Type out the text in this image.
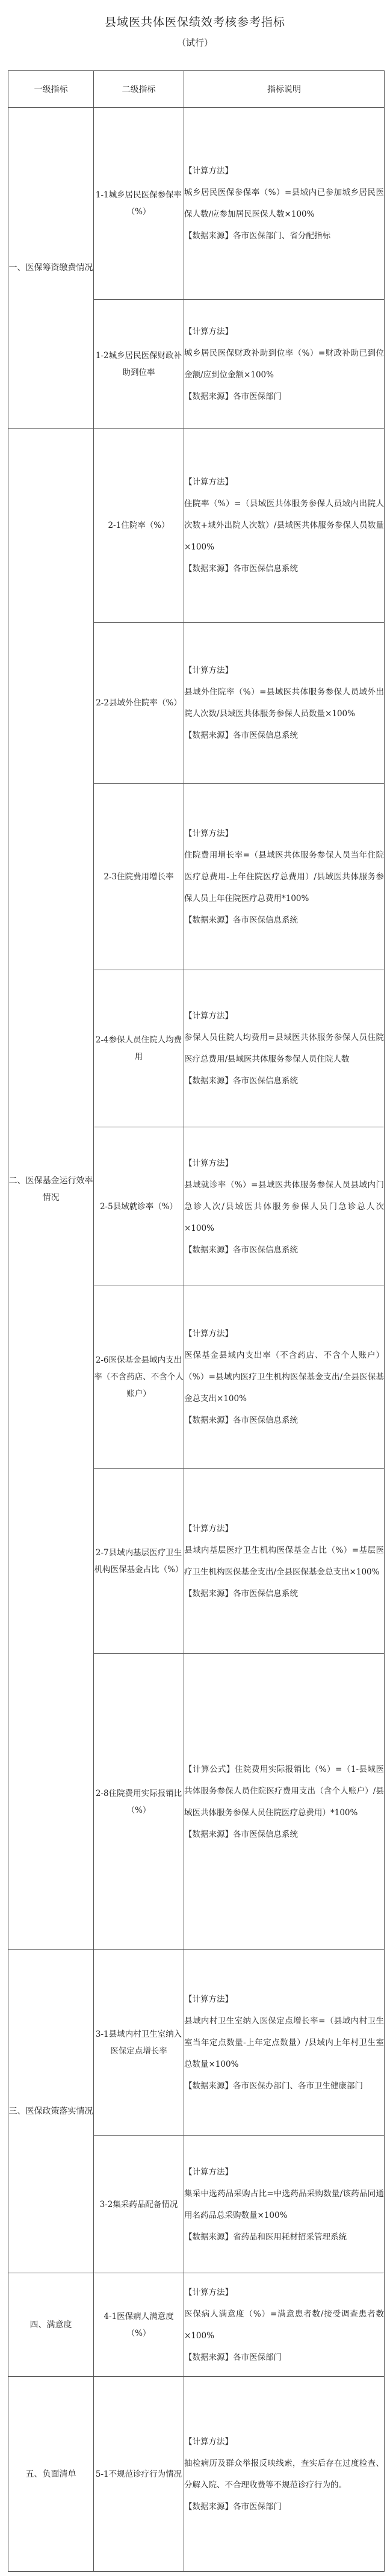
县域医共体医保绩效考核参考指标
（试行）
一级指标	二级指标	指标说明
一、医保筹资缴费情况	1-1城乡居民医保参保率（%）	【计算方法】

城乡居民医保参保率（%）=县域内已参加城乡居民医保人数/应参加居民医保人数×100%

【数据来源】各市医保部门、省分配指标

	1-2城乡居民医保财政补助到位率	【计算方法】

城乡居民医保财政补助到位率（%）=财政补助已到位金额/应到位金额×100%

【数据来源】各市医保部门

二、医保基金运行效率情况	2-1住院率（%）	【计算方法】

住院率（%）=（县域医共体服务参保人员域内出院人次数+域外出院人次数）/县域医共体服务参保人员数量×100%

【数据来源】各市医保信息系统

	2-2县域外住院率（%）	【计算方法】

县域外住院率（%）=县域医共体服务参保人员域外出院人次数/县域医共体服务参保人员数量×100%

【数据来源】各市医保信息系统

	2-3住院费用增长率	【计算方法】

住院费用增长率=（县域医共体服务参保人员当年住院医疗总费用-上年住院医疗总费用）/县域医共体服务参保人员上年住院医疗总费用*100%

【数据来源】各市医保信息系统

	2-4参保人员住院人均费用	【计算方法】

参保人员住院人均费用=县域医共体服务参保人员住院医疗总费用/县域医共体服务参保人员住院人数

【数据来源】各市医保信息系统

	2-5县域就诊率（%）	【计算方法】

县域就诊率（%）=县域医共体服务参保人员县域内门急诊人次/县域医共体服务参保人员门急诊总人次×100%

【数据来源】各市医保信息系统

	2-6医保基金县域内支出率（不含药店、不含个人账户）	【计算方法】

医保基金县域内支出率（不含药店、不含个人账户）（%）=县域内医疗卫生机构医保基金支出/全县医保基金总支出×100%

【数据来源】各市医保信息系统

	2-7县域内基层医疗卫生机构医保基金占比（%）	【计算方法】

县域内基层医疗卫生机构医保基金占比（%）=基层医疗卫生机构医保基金支出/全县医保基金总支出×100%

【数据来源】各市医保信息系统

	2-8住院费用实际报销比（%）	【计算公式】住院费用实际报销比（%）=（1-县域医共体服务参保人员住院医疗费用支出（含个人账户）/县域医共体服务参保人员住院医疗总费用）*100%

【数据来源】各市医保信息系统

三、医保政策落实情况	3-1县域内村卫生室纳入医保定点增长率	【计算方法】

县域内村卫生室纳入医保定点增长率=（县域内村卫生室当年定点数量-上年定点数量）/县域内上年村卫生室总数量×100%

【数据来源】各市医保办部门、各市卫生健康部门

	3-2集采药品配备情况	【计算方法】

集采中选药品采购占比=中选药品采购数量/该药品同通用名药品总采购数量×100%

【数据来源】省药品和医用耗材招采管理系统

四、满意度	4-1医保病人满意度（%）	【计算方法】

医保病人满意度（%）=满意患者数/接受调查患者数×100%

【数据来源】各市医保部门

五、负面清单	5-1不规范诊疗行为情况	【计算方法】

抽检病历及群众举报反映线索，查实后存在过度检查、分解入院、不合理收费等不规范诊疗行为的。

【数据来源】各市医保部门
